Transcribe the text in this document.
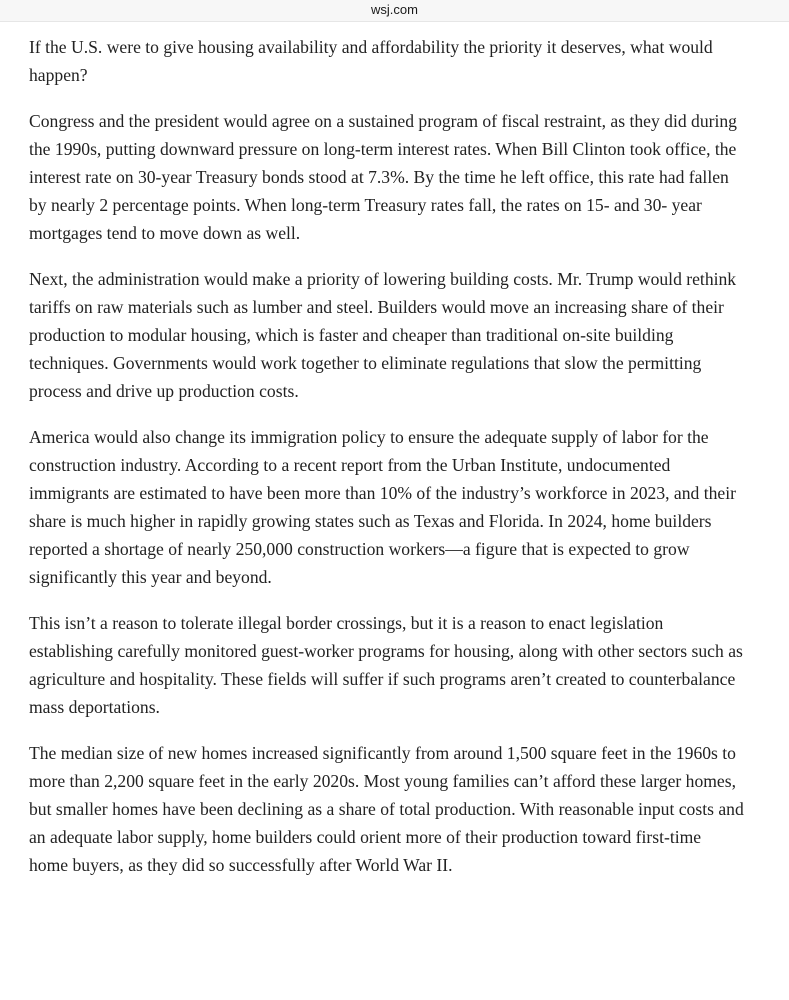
wsj.com

If the U.S. were to give housing availability and affordability the priority it deserves, what would happen?

Congress and the president would agree on a sustained program of fiscal restraint, as they did during the 1990s, putting downward pressure on long-term interest rates. When Bill Clinton took office, the interest rate on 30-year Treasury bonds stood at 7.3%. By the time he left office, this rate had fallen by nearly 2 percentage points. When long-term Treasury rates fall, the rates on 15- and 30- year mortgages tend to move down as well.

Next, the administration would make a priority of lowering building costs. Mr. Trump would rethink tariffs on raw materials such as lumber and steel. Builders would move an increasing share of their production to modular housing, which is faster and cheaper than traditional on-site building techniques. Governments would work together to eliminate regulations that slow the permitting process and drive up production costs.

America would also change its immigration policy to ensure the adequate supply of labor for the construction industry. According to a recent report from the Urban Institute, undocumented immigrants are estimated to have been more than 10% of the industry’s workforce in 2023, and their share is much higher in rapidly growing states such as Texas and Florida. In 2024, home builders reported a shortage of nearly 250,000 construction workers—a figure that is expected to grow significantly this year and beyond.

This isn’t a reason to tolerate illegal border crossings, but it is a reason to enact legislation establishing carefully monitored guest-worker programs for housing, along with other sectors such as agriculture and hospitality. These fields will suffer if such programs aren’t created to counterbalance mass deportations.

The median size of new homes increased significantly from around 1,500 square feet in the 1960s to more than 2,200 square feet in the early 2020s. Most young families can’t afford these larger homes, but smaller homes have been declining as a share of total production. With reasonable input costs and an adequate labor supply, home builders could orient more of their production toward first-time home buyers, as they did so successfully after World War II.
